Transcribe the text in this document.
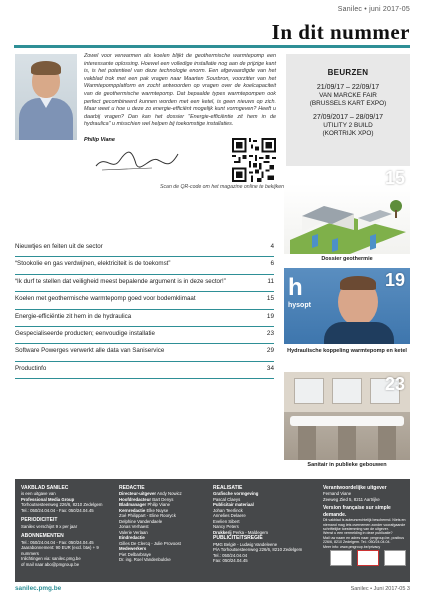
Sanilec • juni 2017-05
In dit nummer
Zowel voor verwarmen als koelen blijkt de geothermische warmtepomp een interessante oplossing. Hoewel een volledige installatie nog aan de prijzige kant is, is het potentieel van deze technologie enorm. Een afgevaardigde van het vakblad trok met een pak vragen naar Maarten Sourbron, voorzitter van het Warmtepompplatform en zocht antwoorden op vragen over de koelcapaciteit van de geothermische warmtepomp. Dat bepaalde types warmtepompen ook perfect gecombineerd kunnen worden met een ketel, is geen nieuws op zich. Maar weet u hoe u deze zo energie-efficiënt mogelijk kunt vormgeven? Heeft u daarbij vragen? Dan kan het dossier "Energie-efficiëntie zit hem in de hydraulica" u misschien wel helpen bij toekomstige installaties.
Philip Viane
BEURZEN
21/09/17 – 22/09/17
VAN MARCKE FAIR
(BRUSSELS KART EXPO)
27/09/2017 – 28/09/17
UTILITY 2 BUILD
(KORTRIJK XPO)
Scan de QR-code om het magazine online te bekijken
Nieuwtjes en feiten uit de sector	4
“Stookolie en gas verdwijnen, elektriciteit is de toekomst”	6
“Ik durf te stellen dat veiligheid meest bepalende argument is in deze sector!”	11
Koelen met geothermische warmtepomp goed voor bodemklimaat	15
Energie-efficiëntie zit hem in de hydraulica	19
Gespecialiseerde producten; eenvoudige installatie	23
Software Powerges verwerkt alle data van Saniservice	29
Productinfo	34
15
Dossier geothermie
h
hysopt
19
Hydraulische koppeling warmtepomp en ketel
23
Sanitair in publieke gebouwen
VAKBLAD SANILEC
is een uitgave van
Professional Media Group
Torhoutsesteenweg 226/6, 8210 Zedelgem
Tel.: 050/24.04.04 - Fax: 050/24.04.45
PERIODICITEIT
Sanilec verschijnt 9 x per jaar
ABONNEMENTEN
Tel.: 050/24.04.04 - Fax: 050/24.04.45
Jaarabonnement: 90 EUR (excl. btw) + 9 nummers
Inlichtingen via: sanilec.pmg.be
of mail naar abo@pmgroup.be
REDACTIE
Directeur-uitgever Andy Nowicz
Hoofdredacteur Bart Denys
Bladmanager Philip Viane
Kernredactie Elke Nuyse
Zoé Philippart - Eline Rooryck
Delphine Vandendaele
Jonas Verhaest
Valerie Verlaan
Eindredactie
Gilles De Clercq - Julie Provoost
Medewerkers
Piet Delbarbraye
Dr. ing. Roel Vandenbulcke
REALISATIE
Grafische vormgeving
Pascal Claeys
Publicitair materiaal
Johan Teerlinck
Annelies Delaere
Evelien Sibert
Nancy Peters
Drukkerij Perka - Maldegem
PUBLICITEITSREGIE
PMG België - Ludwig Vandeleene
P/A Torhoutsesteenweg 226/6, 8210 Zedelgem
Tel.: 050/24.04.04
Fax: 050/24.04.45
Verantwoordelijke uitgever
Fernand Viane
Zeeweg Zied 5, 8211 Aartrijke
Version française sur simple demande.
Dit vakblad is auteursrechtelijk beschermd. Niets en niemand mag iets overnemen zonder voorafgaande schriftelijke toestemming van de uitgever.
Wenst u een vermelding in deze publicatie?
Mail uw naam en adres naar: pmgroup.be, postbus 226/6, 8210 Zedelgem. Tel.: 050/24.04.04.
Meer info: www.pmgroup.be/privacy
sanilec.pmg.be	Sanilec • Juni 2017-05 3
